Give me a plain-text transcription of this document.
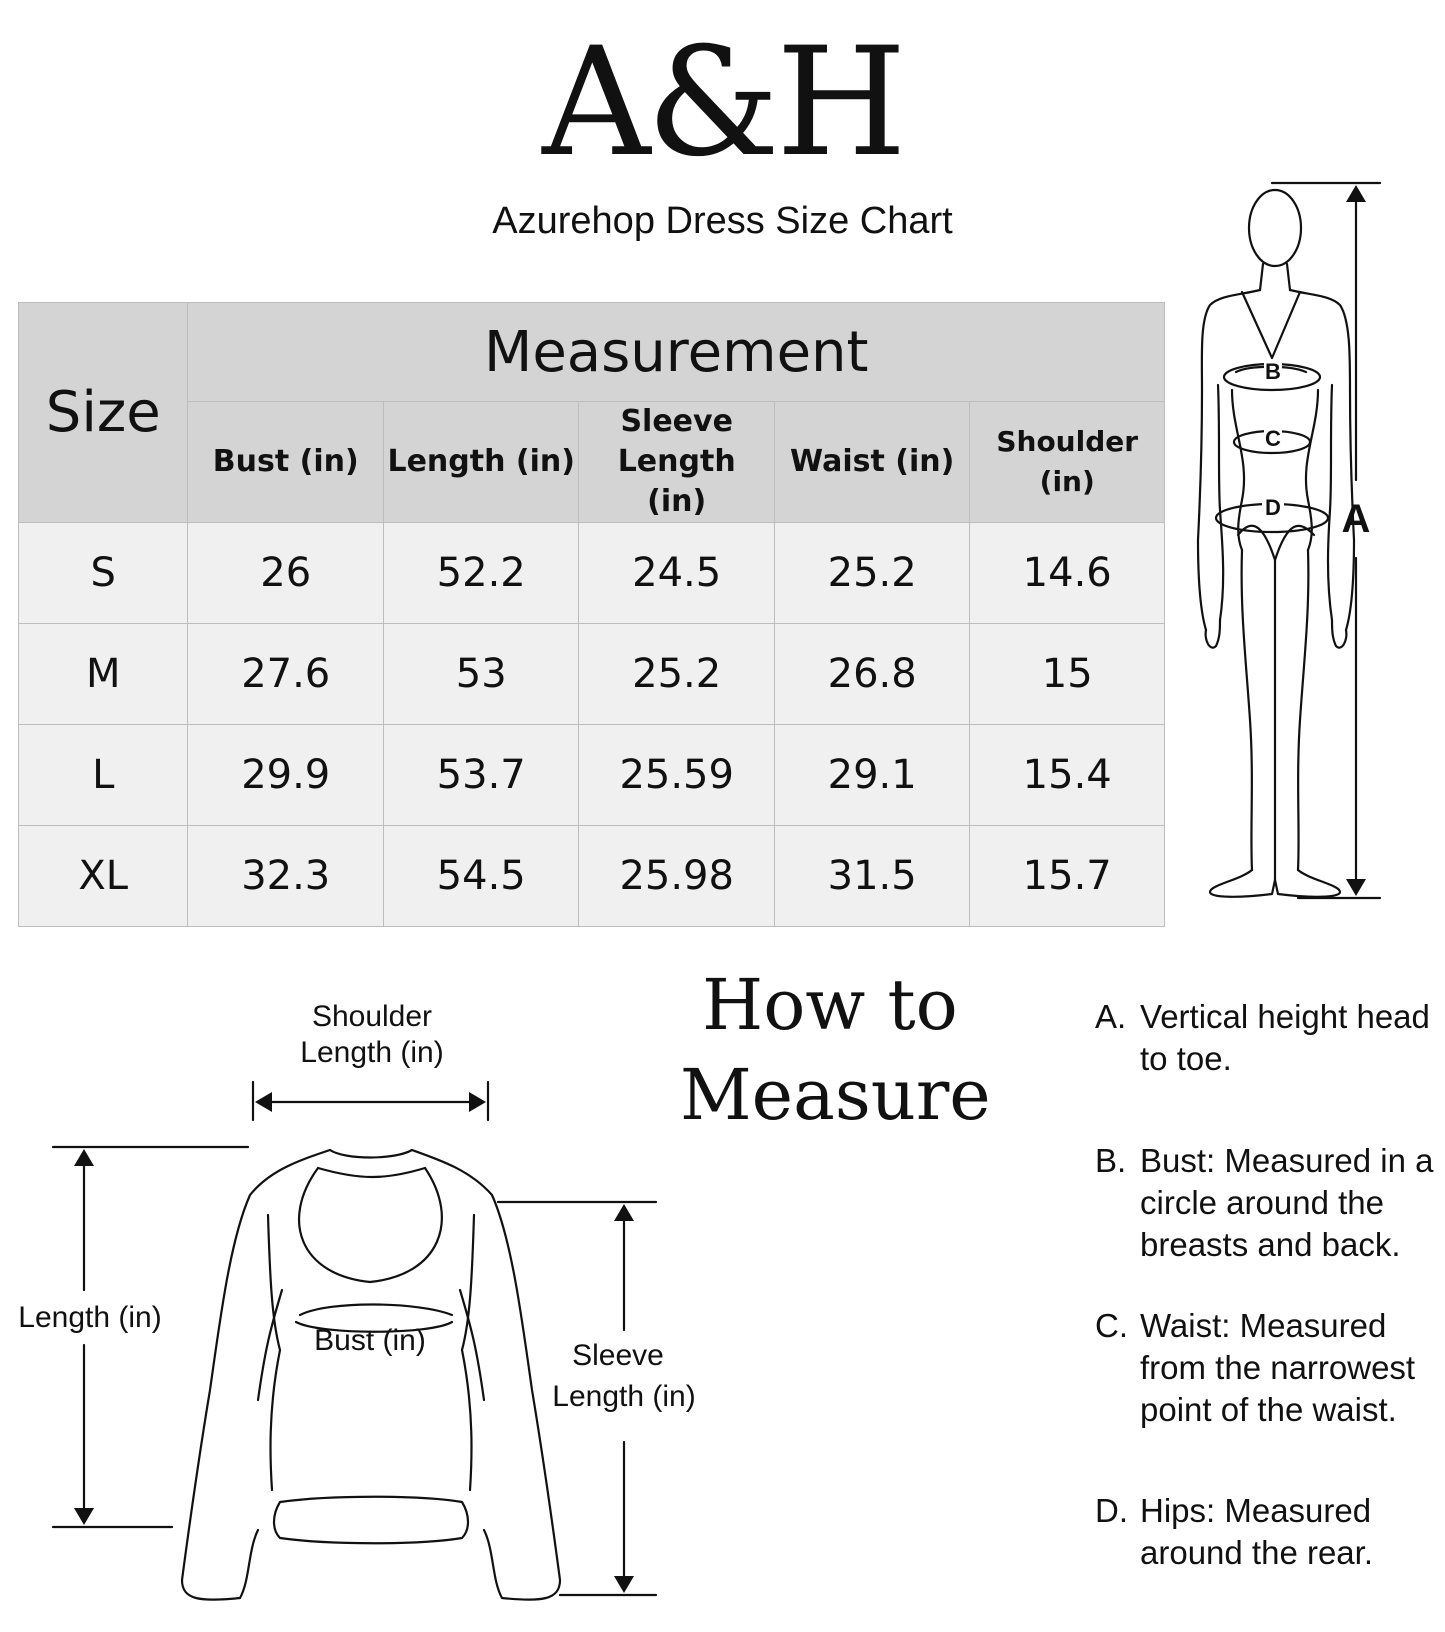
A&H
Azurehop Dress Size Chart
Size	Measurement				
	Bust (in)	Length (in)	Sleeve Length (in)	Waist (in)	Shoulder (in)
S	26	52.2	24.5	25.2	14.6
M	27.6	53	25.2	26.8	15
L	29.9	53.7	25.59	29.1	15.4
XL	32.3	54.5	25.98	31.5	15.7
B
C
D A
How to
Measure
Shoulder
Length (in)
Length (in)
Bust (in)	Sleeve
Length (in)
A. Vertical height head to toe.
B. Bust: Measured in a circle around the breasts and back.
C. Waist: Measured from the narrowest point of the waist.
D. Hips: Measured around the rear.
